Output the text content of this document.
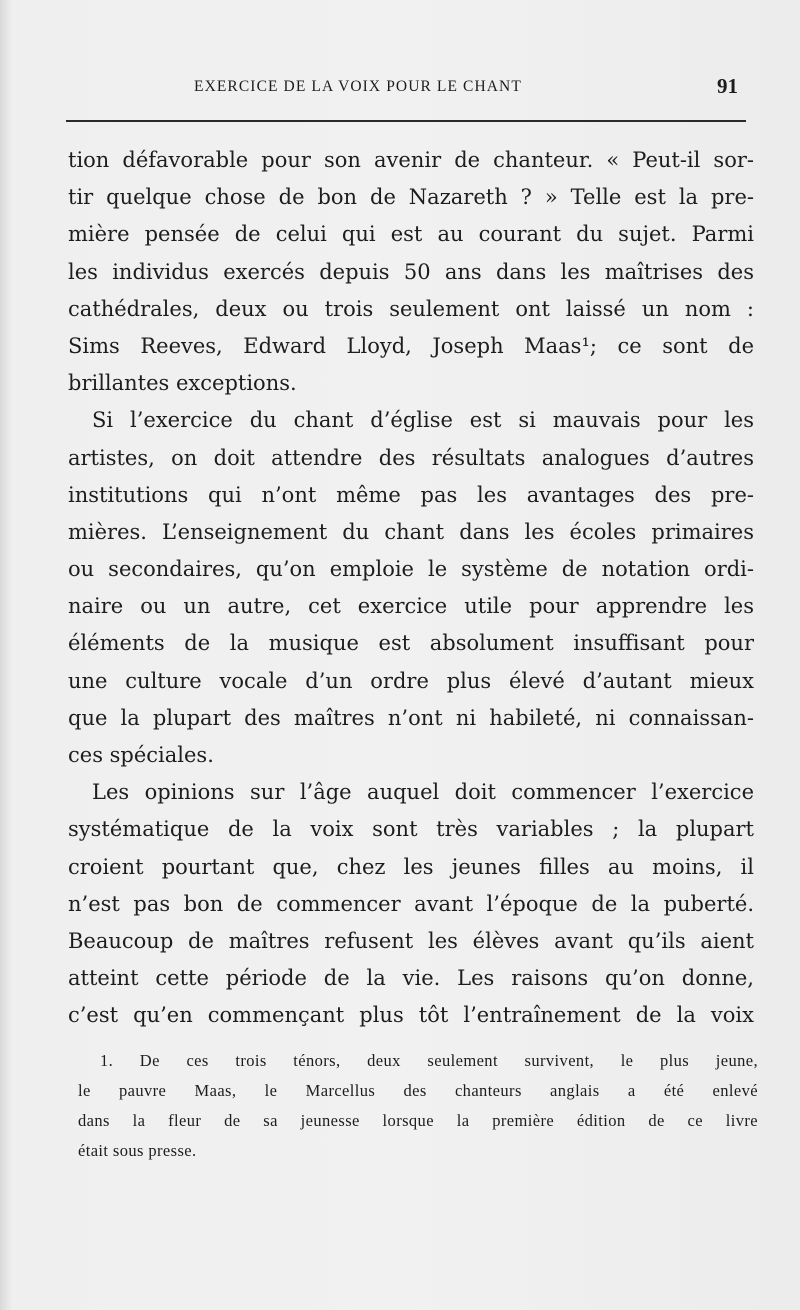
EXERCICE DE LA VOIX POUR LE CHANT	91
tion défavorable pour son avenir de chanteur. « Peut-il sor-
tir quelque chose de bon de Nazareth ? » Telle est la pre-
mière pensée de celui qui est au courant du sujet. Parmi
les individus exercés depuis 50 ans dans les maîtrises des
cathédrales, deux ou trois seulement ont laissé un nom :
Sims Reeves, Edward Lloyd, Joseph Maas¹; ce sont de
brillantes exceptions.
Si l’exercice du chant d’église est si mauvais pour les
artistes, on doit attendre des résultats analogues d’autres
institutions qui n’ont même pas les avantages des pre-
mières. L’enseignement du chant dans les écoles primaires
ou secondaires, qu’on emploie le système de notation ordi-
naire ou un autre, cet exercice utile pour apprendre les
éléments de la musique est absolument insuffisant pour
une culture vocale d’un ordre plus élevé d’autant mieux
que la plupart des maîtres n’ont ni habileté, ni connaissan-
ces spéciales.
Les opinions sur l’âge auquel doit commencer l’exercice
systématique de la voix sont très variables ; la plupart
croient pourtant que, chez les jeunes filles au moins, il
n’est pas bon de commencer avant l’époque de la puberté.
Beaucoup de maîtres refusent les élèves avant qu’ils aient
atteint cette période de la vie. Les raisons qu’on donne,
c’est qu’en commençant plus tôt l’entraînement de la voix
1. De ces trois ténors, deux seulement survivent, le plus jeune,
le pauvre Maas, le Marcellus des chanteurs anglais a été enlevé
dans la fleur de sa jeunesse lorsque la première édition de ce livre
était sous presse.
